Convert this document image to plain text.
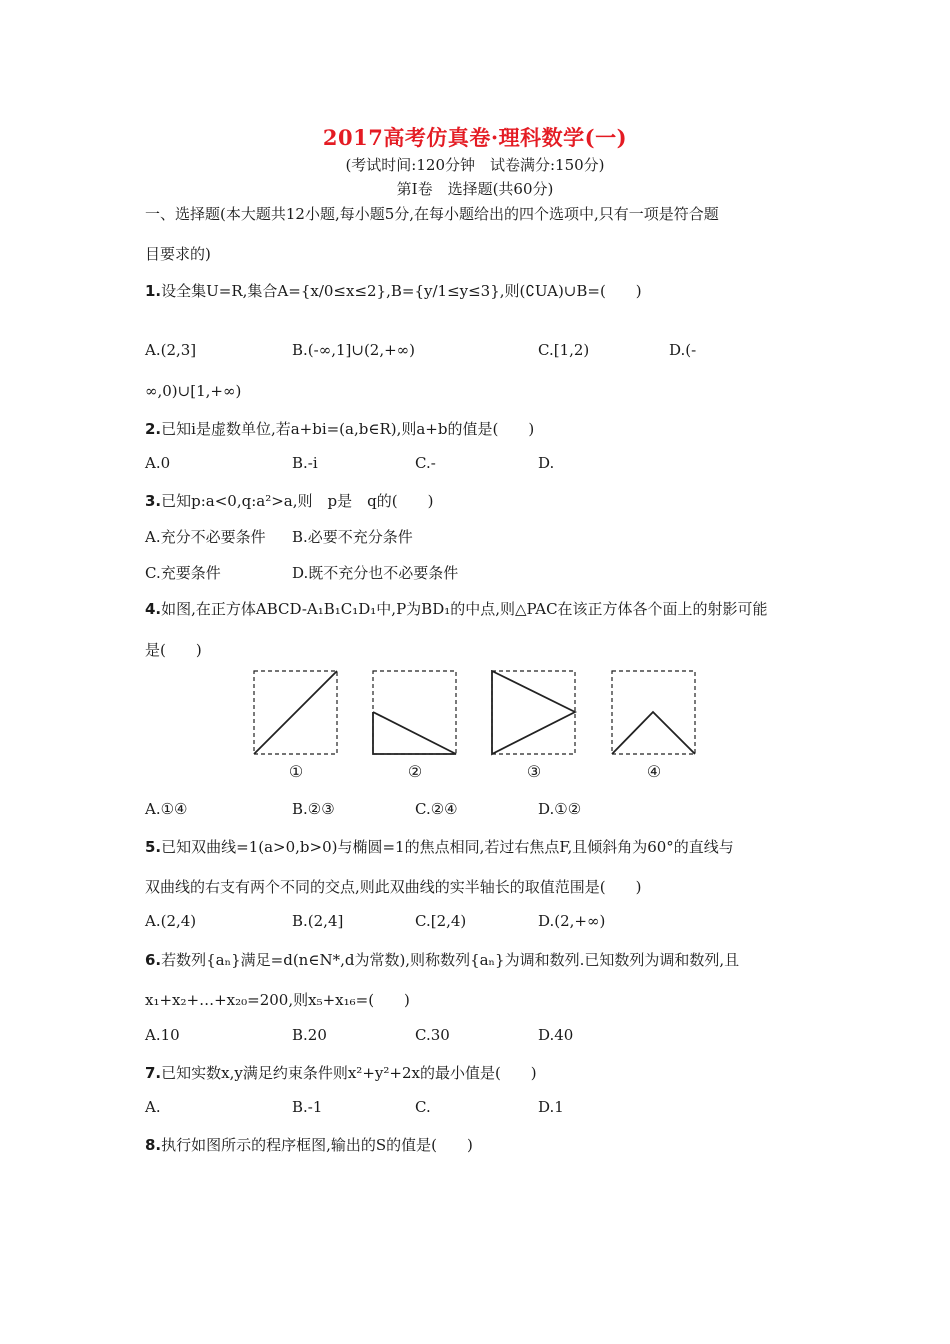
2017高考仿真卷·理科数学(一)
(考试时间:120分钟　试卷满分:150分)
第Ⅰ卷　选择题(共60分)
一、选择题(本大题共12小题,每小题5分,在每小题给出的四个选项中,只有一项是符合题
目要求的)
1.设全集U=R,集合A={x/0≤x≤2},B={y/1≤y≤3},则(∁UA)∪B=(　　)
A.(2,3]	B.(-∞,1]∪(2,+∞)	C.[1,2)	D.(-
∞,0)∪[1,+∞)
2.已知i是虚数单位,若a+bi=(a,b∈R),则a+b的值是(　　)
A.0	B.-i	C.-	D.
3.已知p:a<0,q:a²>a,则　p是　q的(　　)
A.充分不必要条件 B.必要不充分条件
C.充要条件	D.既不充分也不必要条件
4.如图,在正方体ABCD-A₁B₁C₁D₁中,P为BD₁的中点,则△PAC在该正方体各个面上的射影可能
是(　　)
①	②	③	④
A.①④	B.②③	C.②④	D.①②
5.已知双曲线=1(a>0,b>0)与椭圆=1的焦点相同,若过右焦点F,且倾斜角为60°的直线与
双曲线的右支有两个不同的交点,则此双曲线的实半轴长的取值范围是(　　)
A.(2,4)	B.(2,4]	C.[2,4)	D.(2,+∞)
6.若数列{aₙ}满足=d(n∈N*,d为常数),则称数列{aₙ}为调和数列.已知数列为调和数列,且
x₁+x₂+…+x₂₀=200,则x₅+x₁₆=(　　)
A.10	B.20	C.30	D.40
7.已知实数x,y满足约束条件则x²+y²+2x的最小值是(　　)
A.	B.-1	C.	D.1
8.执行如图所示的程序框图,输出的S的值是(　　)
